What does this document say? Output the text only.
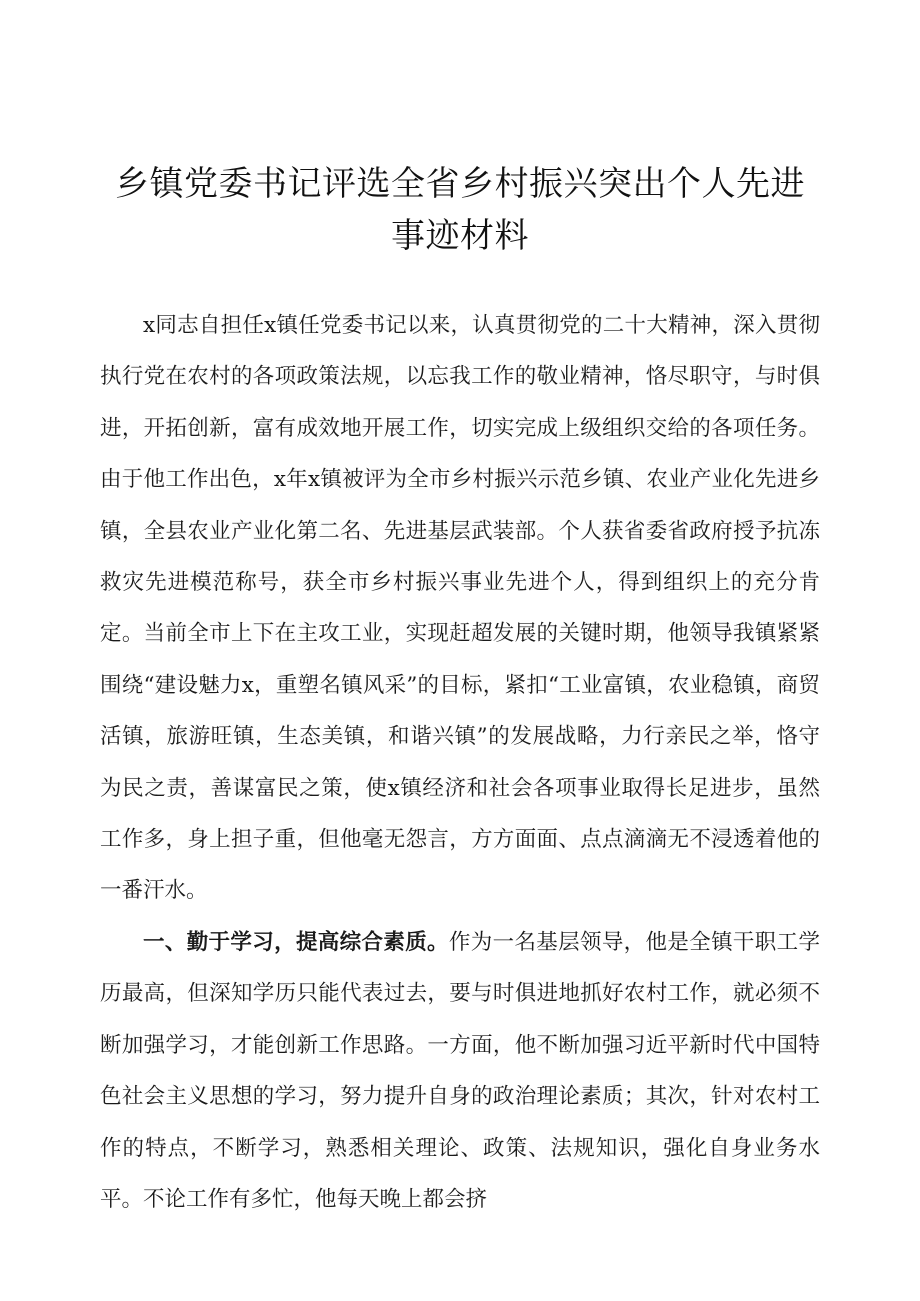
乡镇党委书记评选全省乡村振兴突出个人先进
事迹材料

x同志自担任x镇任党委书记以来，认真贯彻党的二十大精神，深入贯彻执行党在农村的各项政策法规，以忘我工作的敬业精神，恪尽职守，与时俱进，开拓创新，富有成效地开展工作，切实完成上级组织交给的各项任务。由于他工作出色，x年x镇被评为全市乡村振兴示范乡镇、农业产业化先进乡镇，全县农业产业化第二名、先进基层武装部。个人获省委省政府授予抗冻救灾先进模范称号，获全市乡村振兴事业先进个人，得到组织上的充分肯定。当前全市上下在主攻工业，实现赶超发展的关键时期，他领导我镇紧紧围绕“建设魅力x，重塑名镇风采”的目标，紧扣“工业富镇，农业稳镇，商贸活镇，旅游旺镇，生态美镇，和谐兴镇”的发展战略，力行亲民之举，恪守为民之责，善谋富民之策，使x镇经济和社会各项事业取得长足进步，虽然工作多，身上担子重，但他毫无怨言，方方面面、点点滴滴无不浸透着他的一番汗水。

一、勤于学习，提高综合素质。作为一名基层领导，他是全镇干职工学历最高，但深知学历只能代表过去，要与时俱进地抓好农村工作，就必须不断加强学习，才能创新工作思路。一方面，他不断加强习近平新时代中国特色社会主义思想的学习，努力提升自身的政治理论素质；其次，针对农村工作的特点，不断学习，熟悉相关理论、政策、法规知识，强化自身业务水平。不论工作有多忙，他每天晚上都会挤
